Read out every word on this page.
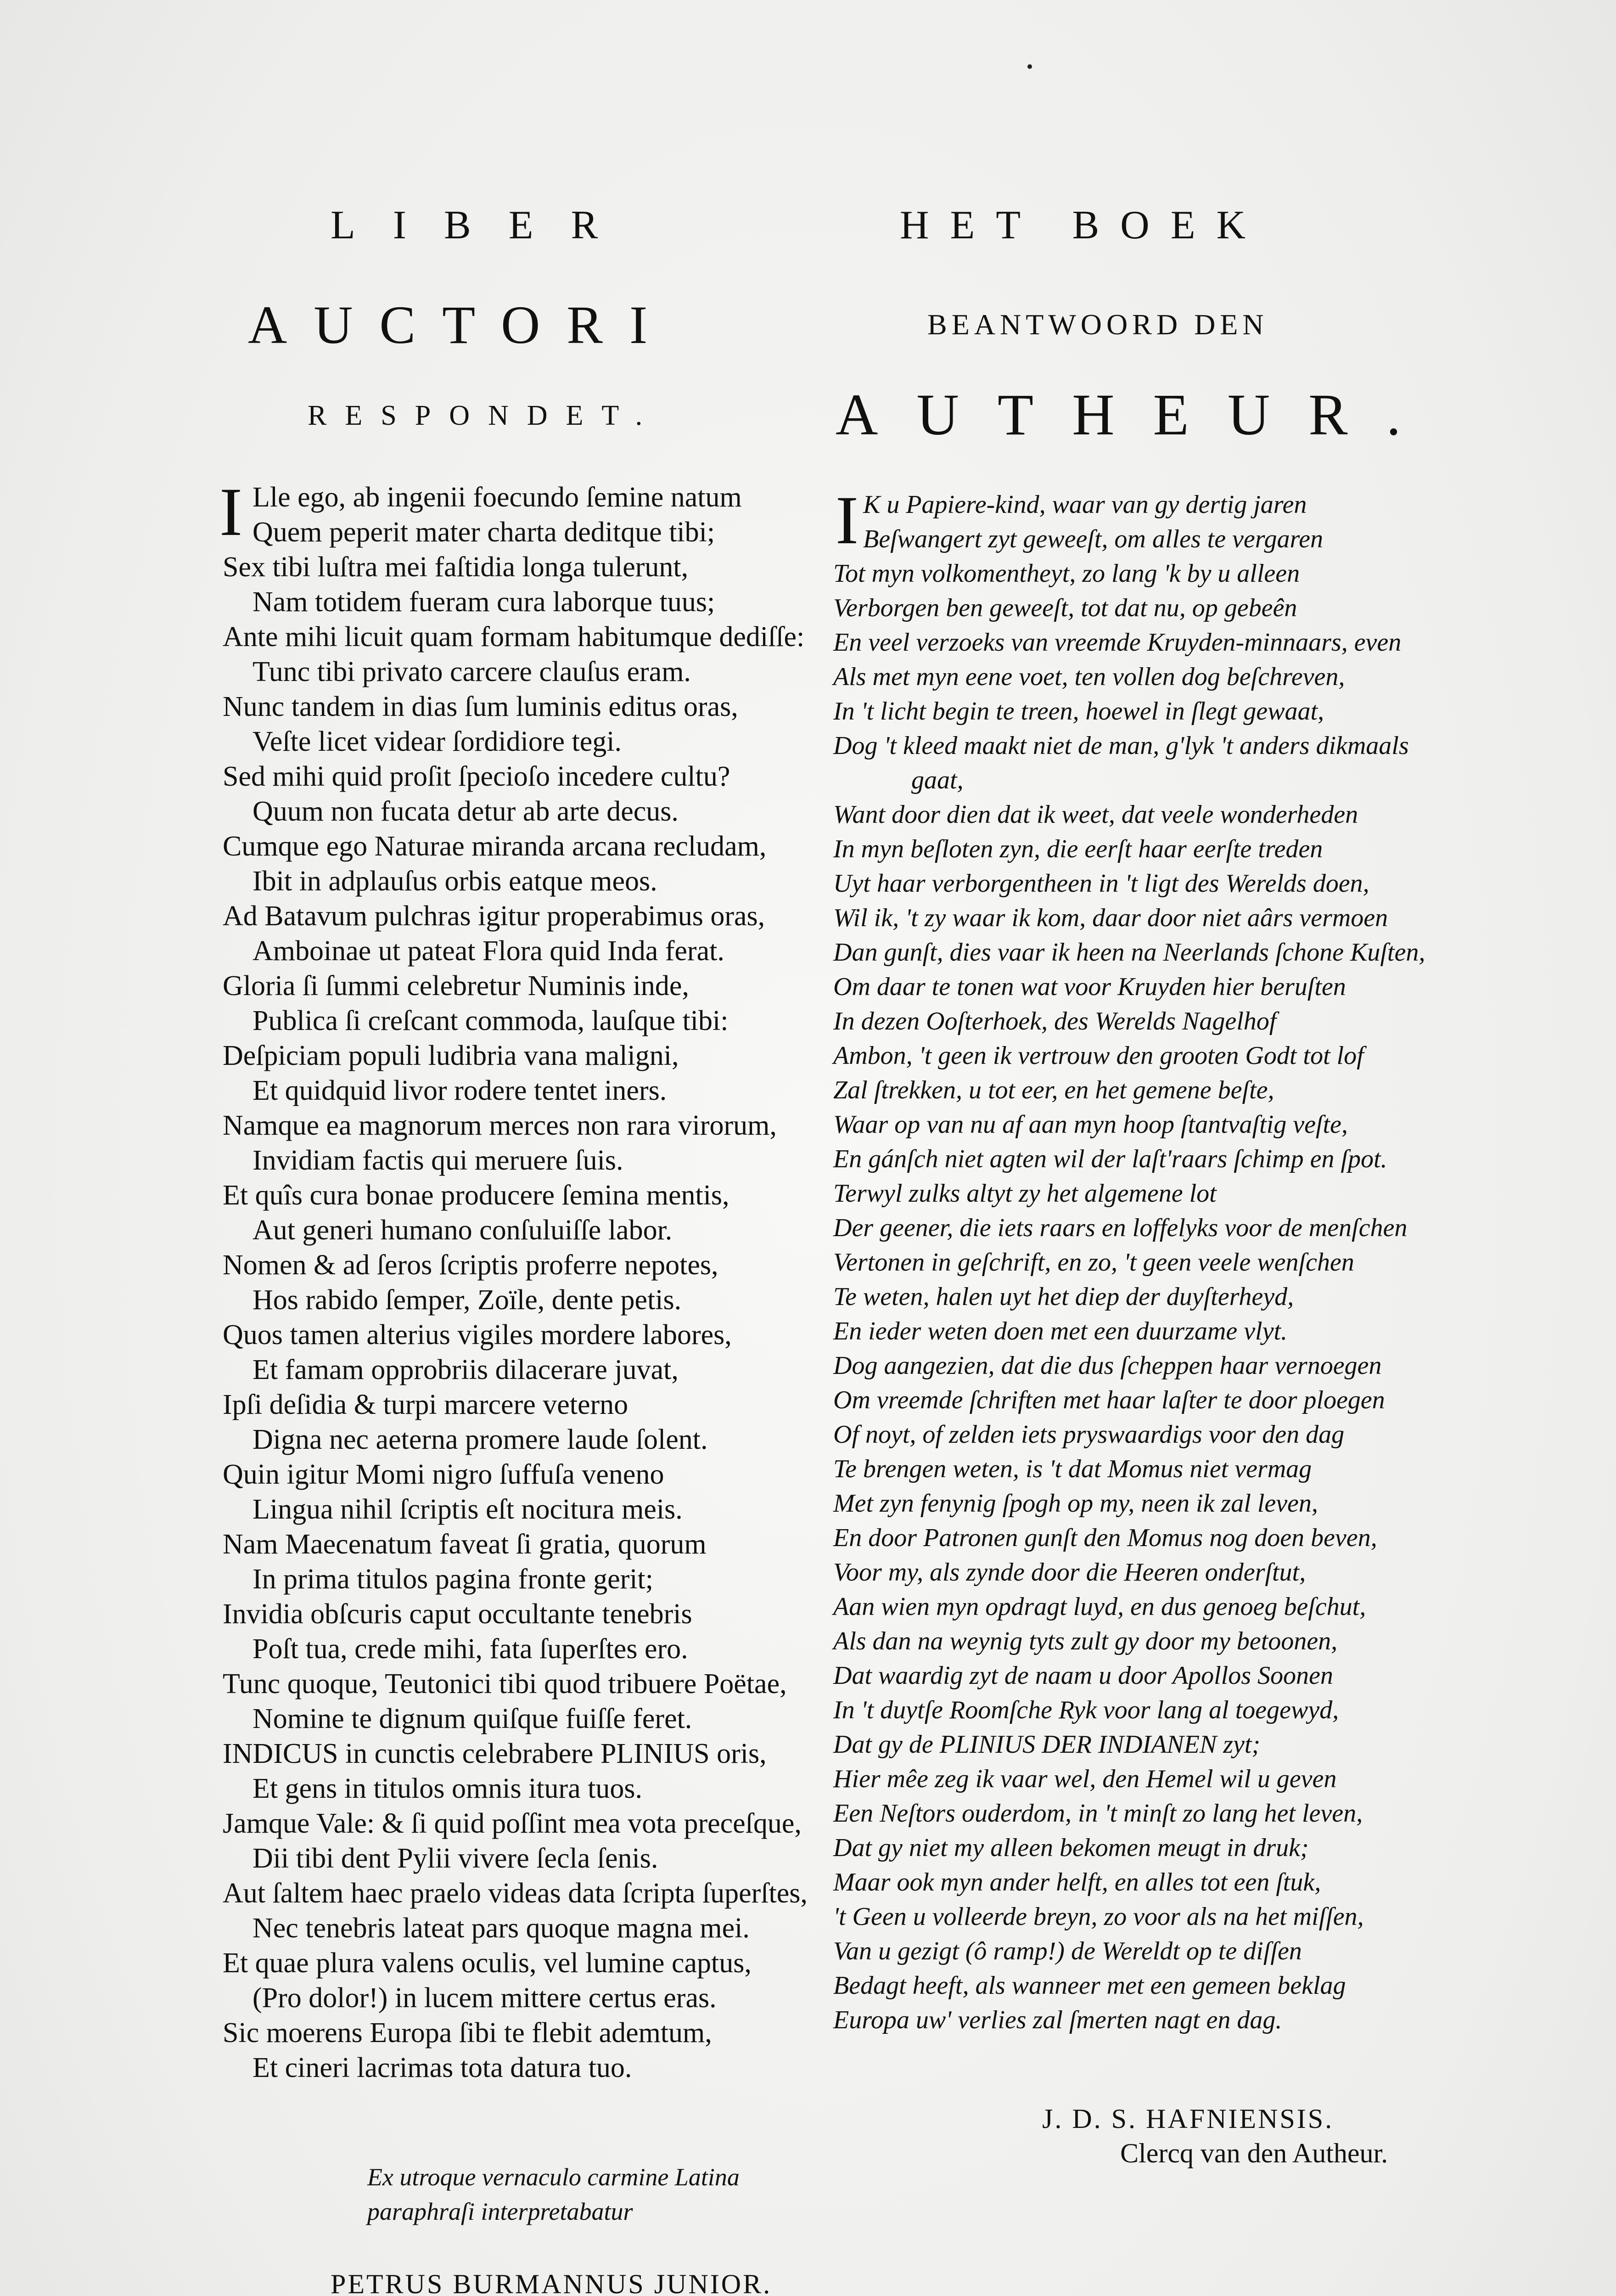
LIBER
AUCTORI
RESPONDET.
HET BOEK
BEANTWOORD DEN
AUTHEUR.
I Lle ego, ab ingenii foecundo ſemine natum
Quem peperit mater charta deditque tibi;
Sex tibi luſtra mei faſtidia longa tulerunt,
Nam totidem fueram cura laborque tuus;
Ante mihi licuit quam formam habitumque dediſſe:
Tunc tibi privato carcere clauſus eram.
Nunc tandem in dias ſum luminis editus oras,
Veſte licet videar ſordidiore tegi.
Sed mihi quid proſit ſpecioſo incedere cultu?
Quum non fucata detur ab arte decus.
Cumque ego Naturae miranda arcana recludam,
Ibit in adplauſus orbis eatque meos.
Ad Batavum pulchras igitur properabimus oras,
Amboinae ut pateat Flora quid Inda ferat.
Gloria ſi ſummi celebretur Numinis inde,
Publica ſi creſcant commoda, lauſque tibi:
Deſpiciam populi ludibria vana maligni,
Et quidquid livor rodere tentet iners.
Namque ea magnorum merces non rara virorum,
Invidiam factis qui meruere ſuis.
Et quîs cura bonae producere ſemina mentis,
Aut generi humano conſuluiſſe labor.
Nomen & ad ſeros ſcriptis proferre nepotes,
Hos rabido ſemper, Zoïle, dente petis.
Quos tamen alterius vigiles mordere labores,
Et famam opprobriis dilacerare juvat,
Ipſi deſidia & turpi marcere veterno
Digna nec aeterna promere laude ſolent.
Quin igitur Momi nigro ſuffuſa veneno
Lingua nihil ſcriptis eſt nocitura meis.
Nam Maecenatum faveat ſi gratia, quorum
In prima titulos pagina fronte gerit;
Invidia obſcuris caput occultante tenebris
Poſt tua, crede mihi, fata ſuperſtes ero.
Tunc quoque, Teutonici tibi quod tribuere Poëtae,
Nomine te dignum quiſque fuiſſe feret.
INDICUS in cunctis celebrabere PLINIUS oris,
Et gens in titulos omnis itura tuos.
Jamque Vale: & ſi quid poſſint mea vota preceſque,
Dii tibi dent Pylii vivere ſecla ſenis.
Aut ſaltem haec praelo videas data ſcripta ſuperſtes,
Nec tenebris lateat pars quoque magna mei.
Et quae plura valens oculis, vel lumine captus,
(Pro dolor!) in lucem mittere certus eras.
Sic moerens Europa ſibi te flebit ademtum,
Et cineri lacrimas tota datura tuo.
I K u Papiere-kind, waar van gy dertig jaren
Beſwangert zyt geweeſt, om alles te vergaren
Tot myn volkomentheyt, zo lang 'k by u alleen
Verborgen ben geweeſt, tot dat nu, op gebeên
En veel verzoeks van vreemde Kruyden-minnaars, even
Als met myn eene voet, ten vollen dog beſchreven,
In 't licht begin te treen, hoewel in ſlegt gewaat,
Dog 't kleed maakt niet de man, g'lyk 't anders dikmaals
gaat,
Want door dien dat ik weet, dat veele wonderheden
In myn beſloten zyn, die eerſt haar eerſte treden
Uyt haar verborgentheen in 't ligt des Werelds doen,
Wil ik, 't zy waar ik kom, daar door niet aârs vermoen
Dan gunſt, dies vaar ik heen na Neerlands ſchone Kuſten,
Om daar te tonen wat voor Kruyden hier beruſten
In dezen Ooſterhoek, des Werelds Nagelhof
Ambon, 't geen ik vertrouw den grooten Godt tot lof
Zal ſtrekken, u tot eer, en het gemene beſte,
Waar op van nu af aan myn hoop ſtantvaſtig veſte,
En gánſch niet agten wil der laſt'raars ſchimp en ſpot.
Terwyl zulks altyt zy het algemene lot
Der geener, die iets raars en loffelyks voor de menſchen
Vertonen in geſchrift, en zo, 't geen veele wenſchen
Te weten, halen uyt het diep der duyſterheyd,
En ieder weten doen met een duurzame vlyt.
Dog aangezien, dat die dus ſcheppen haar vernoegen
Om vreemde ſchriften met haar laſter te door ploegen
Of noyt, of zelden iets pryswaardigs voor den dag
Te brengen weten, is 't dat Momus niet vermag
Met zyn fenynig ſpogh op my, neen ik zal leven,
En door Patronen gunſt den Momus nog doen beven,
Voor my, als zynde door die Heeren onderſtut,
Aan wien myn opdragt luyd, en dus genoeg beſchut,
Als dan na weynig tyts zult gy door my betoonen,
Dat waardig zyt de naam u door Apollos Soonen
In 't duytſe Roomſche Ryk voor lang al toegewyd,
Dat gy de PLINIUS DER INDIANEN zyt;
Hier mêe zeg ik vaar wel, den Hemel wil u geven
Een Neſtors ouderdom, in 't minſt zo lang het leven,
Dat gy niet my alleen bekomen meugt in druk;
Maar ook myn ander helft, en alles tot een ſtuk,
't Geen u volleerde breyn, zo voor als na het miſſen,
Van u gezigt (ô ramp!) de Wereldt op te diſſen
Bedagt heeft, als wanneer met een gemeen beklag
Europa uw' verlies zal ſmerten nagt en dag.
J. D. S. HAFNIENSIS.
Clercq van den Autheur.
Ex utroque vernaculo carmine Latina
paraphraſi interpretabatur
PETRUS BURMANNUS JUNIOR.
